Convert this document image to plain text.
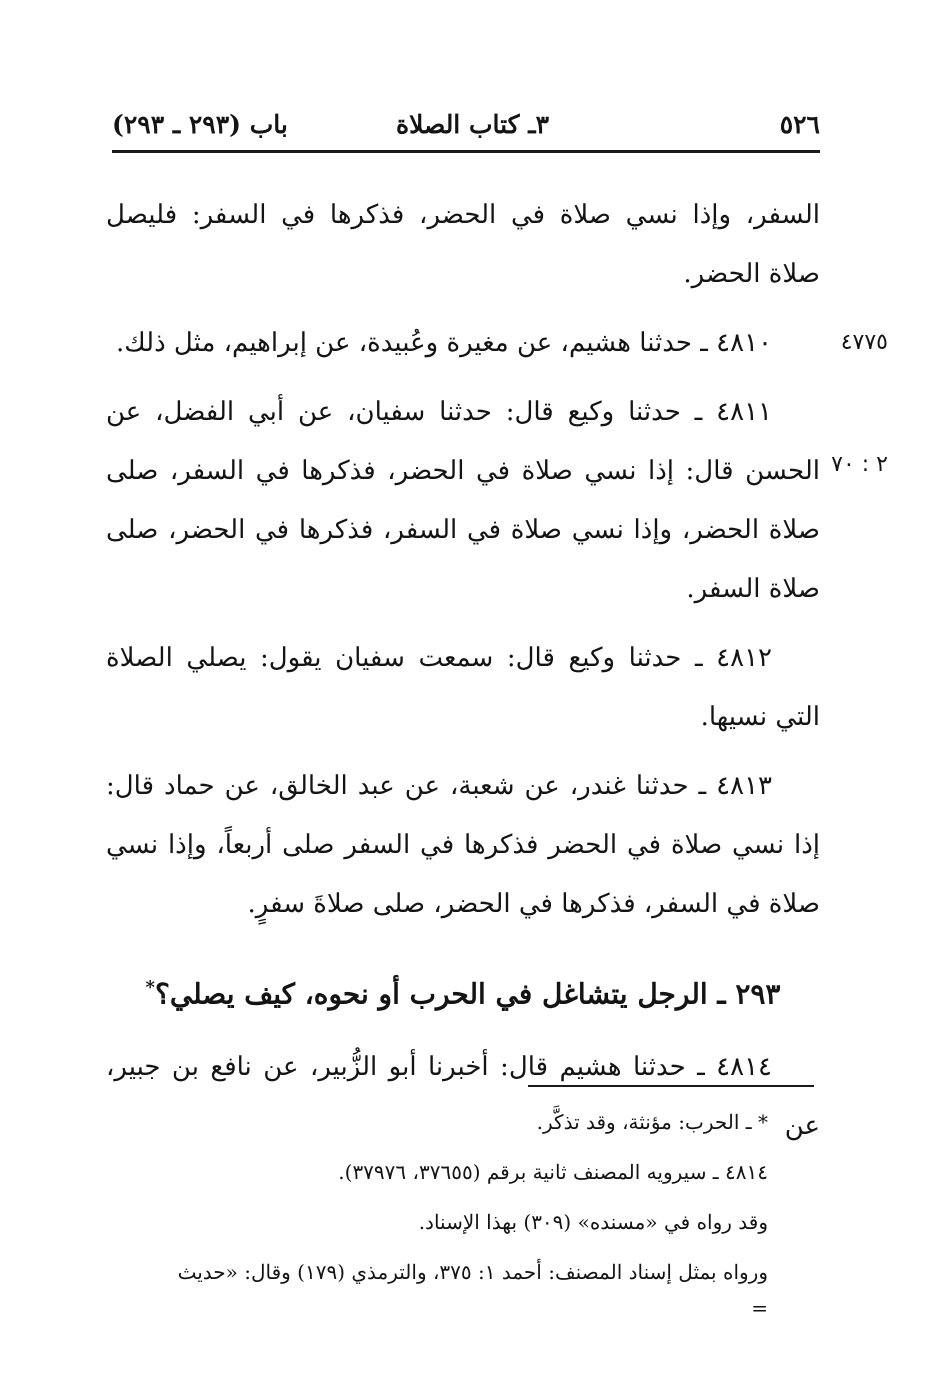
٥٢٦
٣ـ كتاب الصلاة
باب (٢٩٣ ـ ٢٩٣)
٤٧٧٥
٢ : ٧٠

السفر، وإذا نسي صلاة في الحضر، فذكرها في السفر: فليصل صلاة الحضر.

٤٨١٠ ـ حدثنا هشيم، عن مغيرة وعُبيدة، عن إبراهيم، مثل ذلك.

٤٨١١ ـ حدثنا وكيع قال: حدثنا سفيان، عن أبي الفضل، عن الحسن قال: إذا نسي صلاة في الحضر، فذكرها في السفر، صلى صلاة الحضر، وإذا نسي صلاة في السفر، فذكرها في الحضر، صلى صلاة السفر.

٤٨١٢ ـ حدثنا وكيع قال: سمعت سفيان يقول: يصلي الصلاة التي نسيها.

٤٨١٣ ـ حدثنا غندر، عن شعبة، عن عبد الخالق، عن حماد قال: إذا نسي صلاة في الحضر فذكرها في السفر صلى أربعاً، وإذا نسي صلاة في السفر، فذكرها في الحضر، صلى صلاةَ سفرٍ.

٢٩٣ ـ الرجل يتشاغل في الحرب أو نحوه، كيف يصلي؟*

٤٨١٤ ـ حدثنا هشيم قال: أخبرنا أبو الزُّبير، عن نافع بن جبير، عن

* ـ الحرب: مؤنثة، وقد تذكَّر.

٤٨١٤ ـ سيرويه المصنف ثانية برقم (٣٧٦٥٥، ٣٧٩٧٦).

وقد رواه في «مسنده» (٣٠٩) بهذا الإسناد.

ورواه بمثل إسناد المصنف: أحمد ١: ٣٧٥، والترمذي (١٧٩) وقال: «حديث

=
